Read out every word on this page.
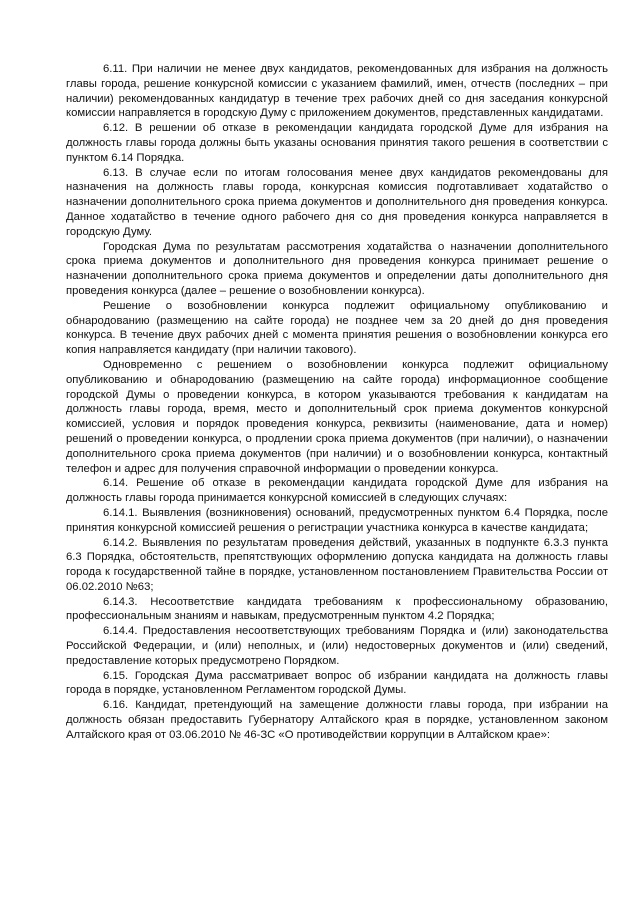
6.11. При наличии не менее двух кандидатов, рекомендованных для избрания на должность главы города, решение конкурсной комиссии с указанием фамилий, имен, отчеств (последних – при наличии) рекомендованных кандидатур в течение трех рабочих дней со дня заседания конкурсной комиссии направляется в городскую Думу с приложением документов, представленных кандидатами.

6.12. В решении об отказе в рекомендации кандидата городской Думе для избрания на должность главы города должны быть указаны основания принятия такого решения в соответствии с пунктом 6.14 Порядка.

6.13. В случае если по итогам голосования менее двух кандидатов рекомендованы для назначения на должность главы города, конкурсная комиссия подготавливает ходатайство о назначении дополнительного срока приема документов и дополнительного дня проведения конкурса. Данное ходатайство в течение одного рабочего дня со дня проведения конкурса направляется в городскую Думу.

Городская Дума по результатам рассмотрения ходатайства о назначении дополнительного срока приема документов и дополнительного дня проведения конкурса принимает решение о назначении дополнительного срока приема документов и определении даты дополнительного дня проведения конкурса (далее – решение о возобновлении конкурса).

Решение о возобновлении конкурса подлежит официальному опубликованию и обнародованию (размещению на сайте города) не позднее чем за 20 дней до дня проведения конкурса. В течение двух рабочих дней с момента принятия решения о возобновлении конкурса его копия направляется кандидату (при наличии такового).

Одновременно с решением о возобновлении конкурса подлежит официальному опубликованию и обнародованию (размещению на сайте города) информационное сообщение городской Думы о проведении конкурса, в котором указываются требования к кандидатам на должность главы города, время, место и дополнительный срок приема документов конкурсной комиссией, условия и порядок проведения конкурса, реквизиты (наименование, дата и номер) решений о проведении конкурса, о продлении срока приема документов (при наличии), о назначении дополнительного срока приема документов (при наличии) и о возобновлении конкурса, контактный телефон и адрес для получения справочной информации о проведении конкурса.

6.14. Решение об отказе в рекомендации кандидата городской Думе для избрания на должность главы города принимается конкурсной комиссией в следующих случаях:

6.14.1. Выявления (возникновения) оснований, предусмотренных пунктом 6.4 Порядка, после принятия конкурсной комиссией решения о регистрации участника конкурса в качестве кандидата;

6.14.2. Выявления по результатам проведения действий, указанных в подпункте 6.3.3 пункта 6.3 Порядка, обстоятельств, препятствующих оформлению допуска кандидата на должность главы города к государственной тайне в порядке, установленном постановлением Правительства России от 06.02.2010 №63;

6.14.3. Несоответствие кандидата требованиям к профессиональному образованию, профессиональным знаниям и навыкам, предусмотренным пунктом 4.2 Порядка;

6.14.4. Предоставления несоответствующих требованиям Порядка и (или) законодательства Российской Федерации, и (или) неполных, и (или) недостоверных документов и (или) сведений, предоставление которых предусмотрено Порядком.

6.15. Городская Дума рассматривает вопрос об избрании кандидата на должность главы города в порядке, установленном Регламентом городской Думы.

6.16. Кандидат, претендующий на замещение должности главы города, при избрании на должность обязан предоставить Губернатору Алтайского края в порядке, установленном законом Алтайского края от 03.06.2010 № 46-ЗС «О противодействии коррупции в Алтайском крае»:
